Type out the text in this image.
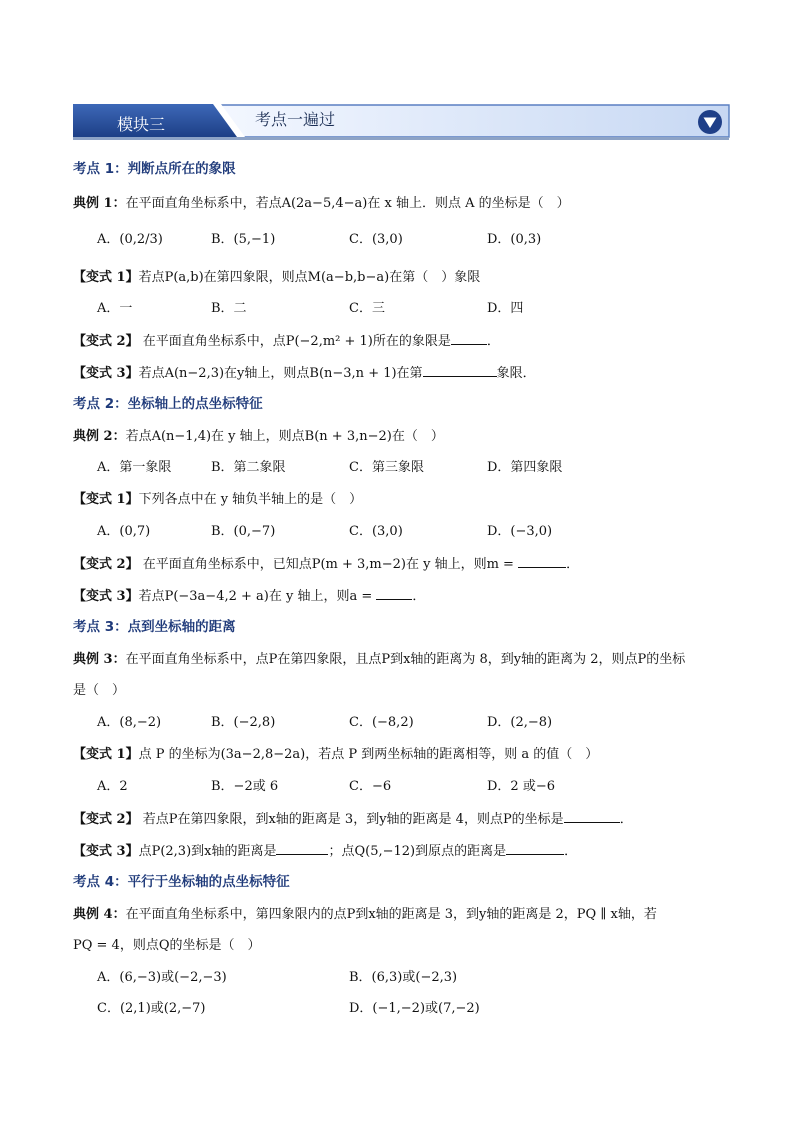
模块三	考点一遍过
考点 1：判断点所在的象限
典例 1：在平面直角坐标系中，若点A(2a−5,4−a)在 x 轴上．则点 A 的坐标是（　）
A．(0,2/3)	B．(5,−1)	C．(3,0)	D．(0,3)
【变式 1】若点P(a,b)在第四象限，则点M(a−b,b−a)在第（　）象限
A．一	B．二	C．三	D．四
【变式 2】 在平面直角坐标系中，点P(−2,m² + 1)所在的象限是	．
【变式 3】若点A(n−2,3)在y轴上，则点B(n−3,n + 1)在第	象限．
考点 2：坐标轴上的点坐标特征
典例 2：若点A(n−1,4)在 y 轴上，则点B(n + 3,n−2)在（　）
A．第一象限	B．第二象限	C．第三象限	D．第四象限
【变式 1】下列各点中在 y 轴负半轴上的是（　）
A．(0,7)	B．(0,−7)	C．(3,0)	D．(−3,0)
【变式 2】 在平面直角坐标系中，已知点P(m + 3,m−2)在 y 轴上，则m =	．
【变式 3】若点P(−3a−4,2 + a)在 y 轴上，则a =	．
考点 3：点到坐标轴的距离
典例 3：在平面直角坐标系中，点P在第四象限，且点P到x轴的距离为 8，到y轴的距离为 2，则点P的坐标
是（　）
A．(8,−2)	B．(−2,8)	C．(−8,2)	D．(2,−8)
【变式 1】点 P 的坐标为(3a−2,8−2a)，若点 P 到两坐标轴的距离相等，则 a 的值（　）
A．2	B．−2或 6	C．−6	D．2 或−6
【变式 2】 若点P在第四象限，到x轴的距离是 3，到y轴的距离是 4，则点P的坐标是	．
【变式 3】点P(2,3)到x轴的距离是	；点Q(5,−12)到原点的距离是	．
考点 4：平行于坐标轴的点坐标特征
典例 4：在平面直角坐标系中，第四象限内的点P到x轴的距离是 3，到y轴的距离是 2，PQ ∥ x轴，若
PQ = 4，则点Q的坐标是（　）
A．(6,−3)或(−2,−3)	B．(6,3)或(−2,3)
C．(2,1)或(2,−7)	D．(−1,−2)或(7,−2)
